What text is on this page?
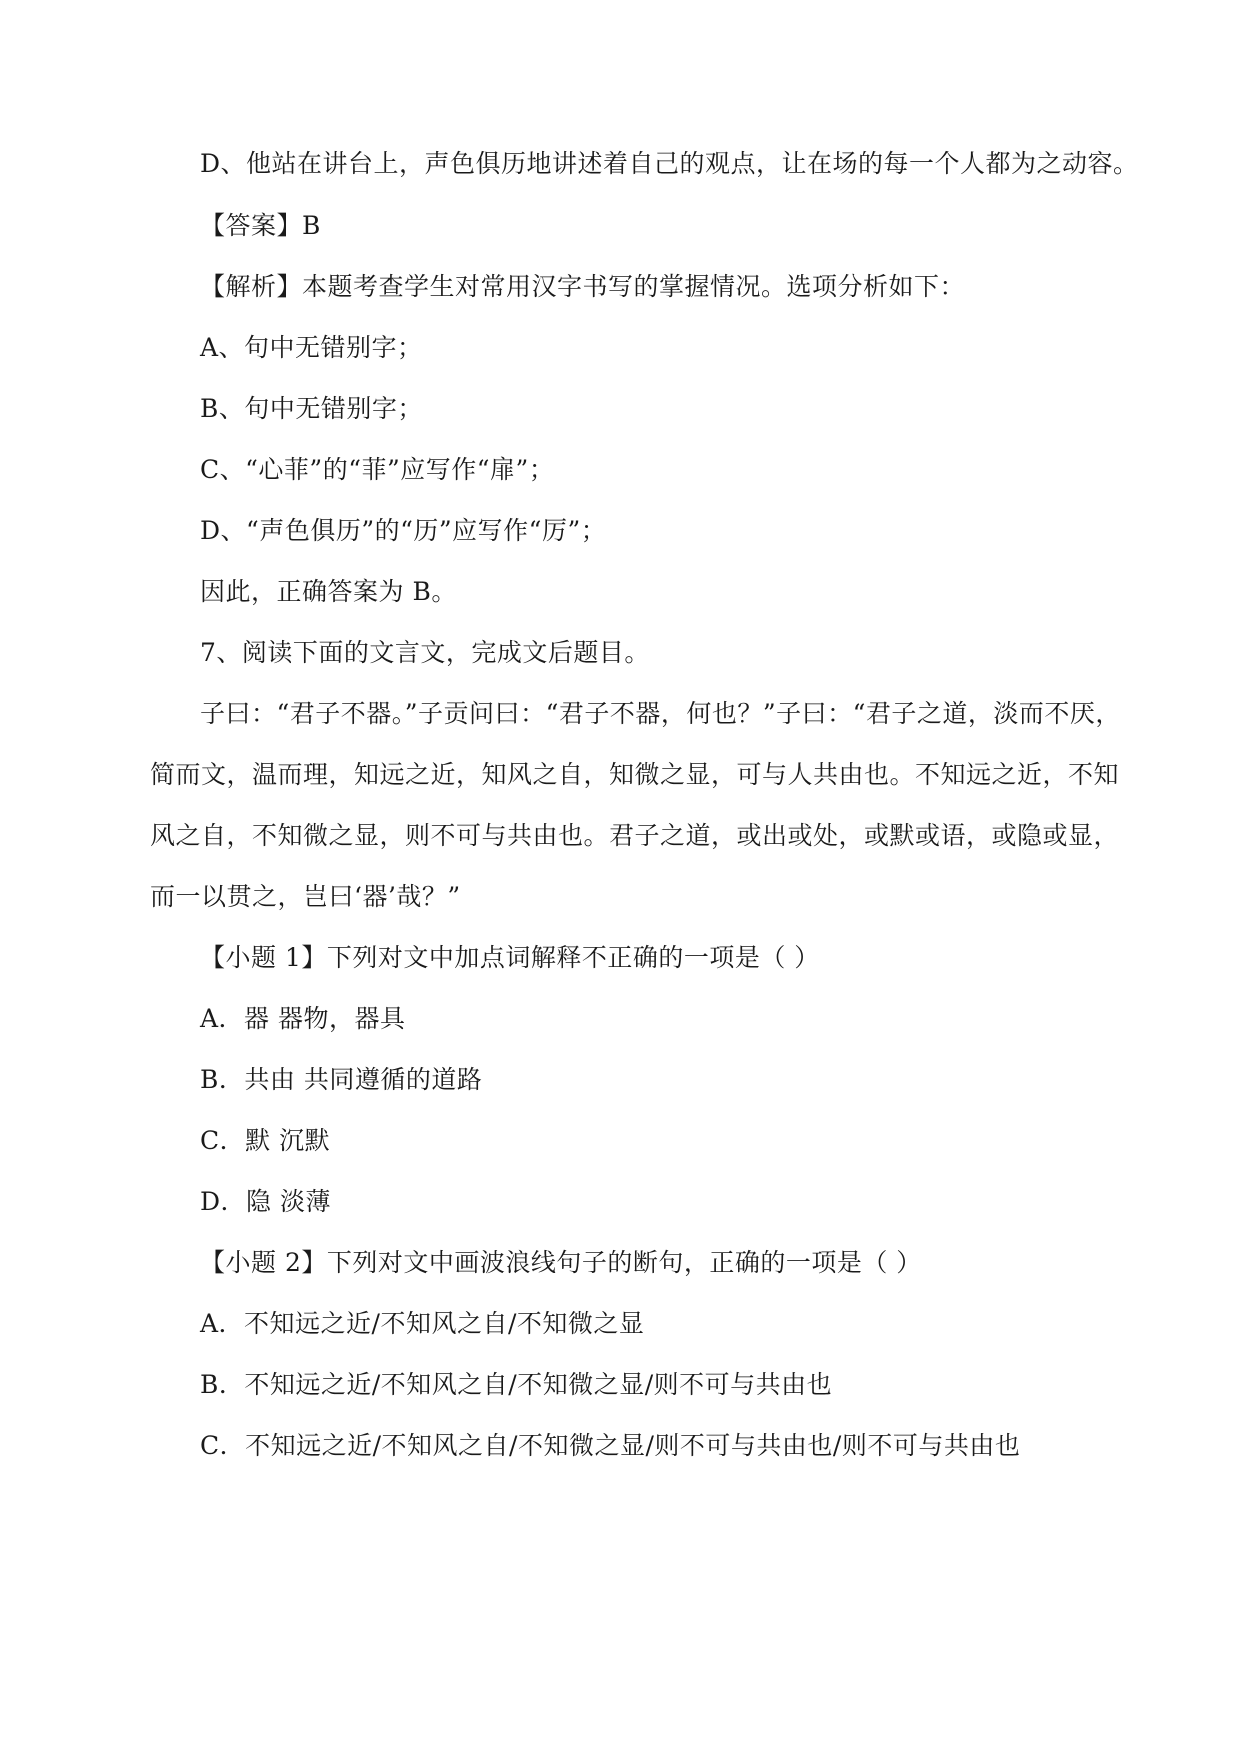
D、他站在讲台上，声色俱历地讲述着自己的观点，让在场的每一个人都为之动容。
【答案】B
【解析】本题考查学生对常用汉字书写的掌握情况。选项分析如下：
A、句中无错别字；
B、句中无错别字；
C、“心菲”的“菲”应写作“扉”；
D、“声色俱历”的“历”应写作“厉”；
因此，正确答案为 B。
7、阅读下面的文言文，完成文后题目。
子曰：“君子不器。”子贡问曰：“君子不器，何也？”子曰：“君子之道，淡而不厌，
简而文，温而理，知远之近，知风之自，知微之显，可与人共由也。不知远之近，不知
风之自，不知微之显，则不可与共由也。君子之道，或出或处，或默或语，或隐或显，
而一以贯之，岂曰‘器’哉？”
【小题 1】下列对文中加点词解释不正确的一项是（ ）
A．器 器物，器具
B．共由 共同遵循的道路
C．默 沉默
D．隐 淡薄
【小题 2】下列对文中画波浪线句子的断句，正确的一项是（ ）
A．不知远之近/不知风之自/不知微之显
B．不知远之近/不知风之自/不知微之显/则不可与共由也
C．不知远之近/不知风之自/不知微之显/则不可与共由也/则不可与共由也
